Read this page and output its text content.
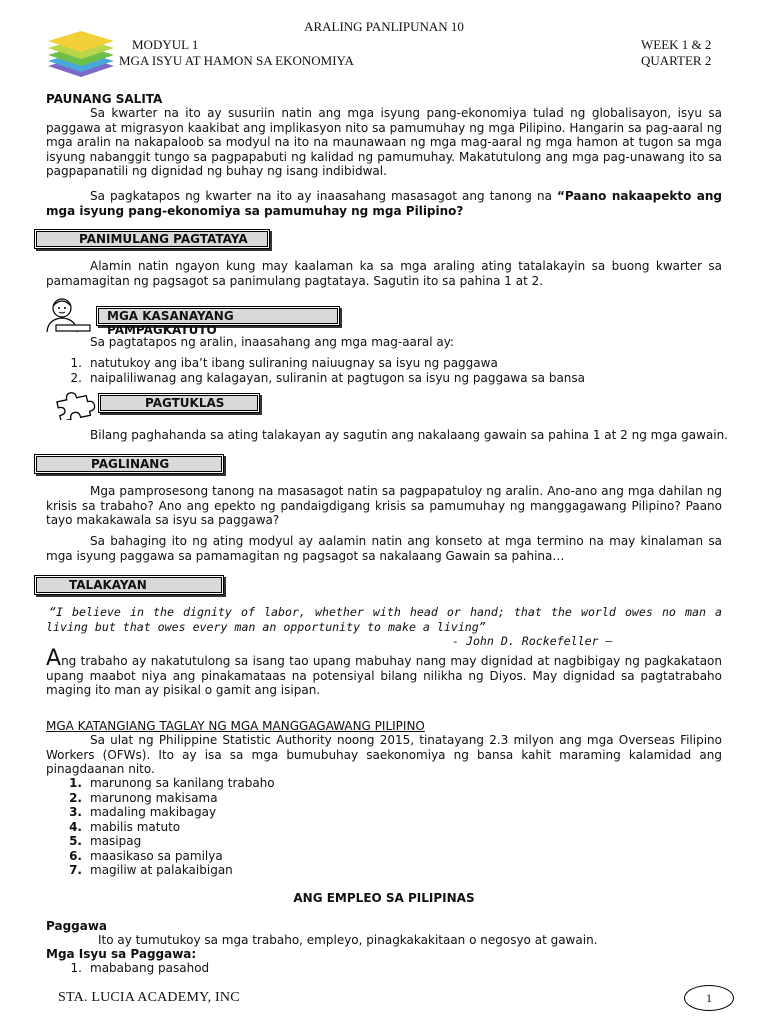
ARALING PANLIPUNAN 10
MODYUL 1
MGA ISYU AT HAMON SA EKONOMIYA
WEEK 1 & 2
QUARTER 2
PAUNANG SALITA
Sa kwarter na ito ay susuriin natin ang mga isyung pang-ekonomiya tulad ng globalisayon, isyu sa paggawa at migrasyon kaakibat ang implikasyon nito sa pamumuhay ng mga Pilipino. Hangarin sa pag-aaral ng mga aralin na nakapaloob sa modyul na ito na maunawaan ng mga mag-aaral ng mga hamon at tugon sa mga isyung nabanggit tungo sa pagpapabuti ng kalidad ng pamumuhay. Makatutulong ang mga pag-unawang ito sa pagpapanatili ng dignidad ng buhay ng isang indibidwal.
Sa pagkatapos ng kwarter na ito ay inaasahang masasagot ang tanong na “Paano nakaapekto ang mga isyung pang-ekonomiya sa pamumuhay ng mga Pilipino?
PANIMULANG PAGTATAYA
Alamin natin ngayon kung may kaalaman ka sa mga araling ating tatalakayin sa buong kwarter sa pamamagitan ng pagsagot sa panimulang pagtataya. Sagutin ito sa pahina 1 at 2.
MGA KASANAYANG PAMPAGKATUTO
Sa pagtatapos ng aralin, inaasahang ang mga mag-aaral ay:
1. natutukoy ang iba’t ibang suliraning naiuugnay sa isyu ng paggawa
2. naipaliliwanag ang kalagayan, suliranin at pagtugon sa isyu ng paggawa sa bansa
PAGTUKLAS
Bilang paghahanda sa ating talakayan ay sagutin ang nakalaang gawain sa pahina 1 at 2 ng mga gawain.
PAGLINANG
Mga pamprosesong tanong na masasagot natin sa pagpapatuloy ng aralin. Ano-ano ang mga dahilan ng krisis sa trabaho? Ano ang epekto ng pandaigdigang krisis sa pamumuhay ng manggagawang Pilipino? Paano tayo makakawala sa isyu sa paggawa?
Sa bahaging ito ng ating modyul ay aalamin natin ang konseto at mga termino na may kinalaman sa mga isyung paggawa sa pamamagitan ng pagsagot sa nakalaang Gawain sa pahina…
TALAKAYAN
“I believe in the dignity of labor, whether with head or hand; that the world owes no man a living but that owes every man an opportunity to make a living”
- John D. Rockefeller –
Ang trabaho ay nakatutulong sa isang tao upang mabuhay nang may dignidad at nagbibigay ng pagkakataon upang maabot niya ang pinakamataas na potensiyal bilang nilikha ng Diyos. May dignidad sa pagtatrabaho maging ito man ay pisikal o gamit ang isipan.
MGA KATANGIANG TAGLAY NG MGA MANGGAGAWANG PILIPINO
Sa ulat ng Philippine Statistic Authority noong 2015, tinatayang 2.3 milyon ang mga Overseas Filipino Workers (OFWs). Ito ay isa sa mga bumubuhay saekonomiya ng bansa kahit maraming kalamidad ang pinagdaanan nito.
1. marunong sa kanilang trabaho
2. marunong makisama
3. madaling makibagay
4. mabilis matuto
5. masipag
6. maasikaso sa pamilya
7. magiliw at palakaibigan
ANG EMPLEO SA PILIPINAS
Paggawa
Ito ay tumutukoy sa mga trabaho, empleyo, pinagkakakitaan o negosyo at gawain.
Mga Isyu sa Paggawa:
1. mababang pasahod
STA. LUCIA ACADEMY, INC	1
